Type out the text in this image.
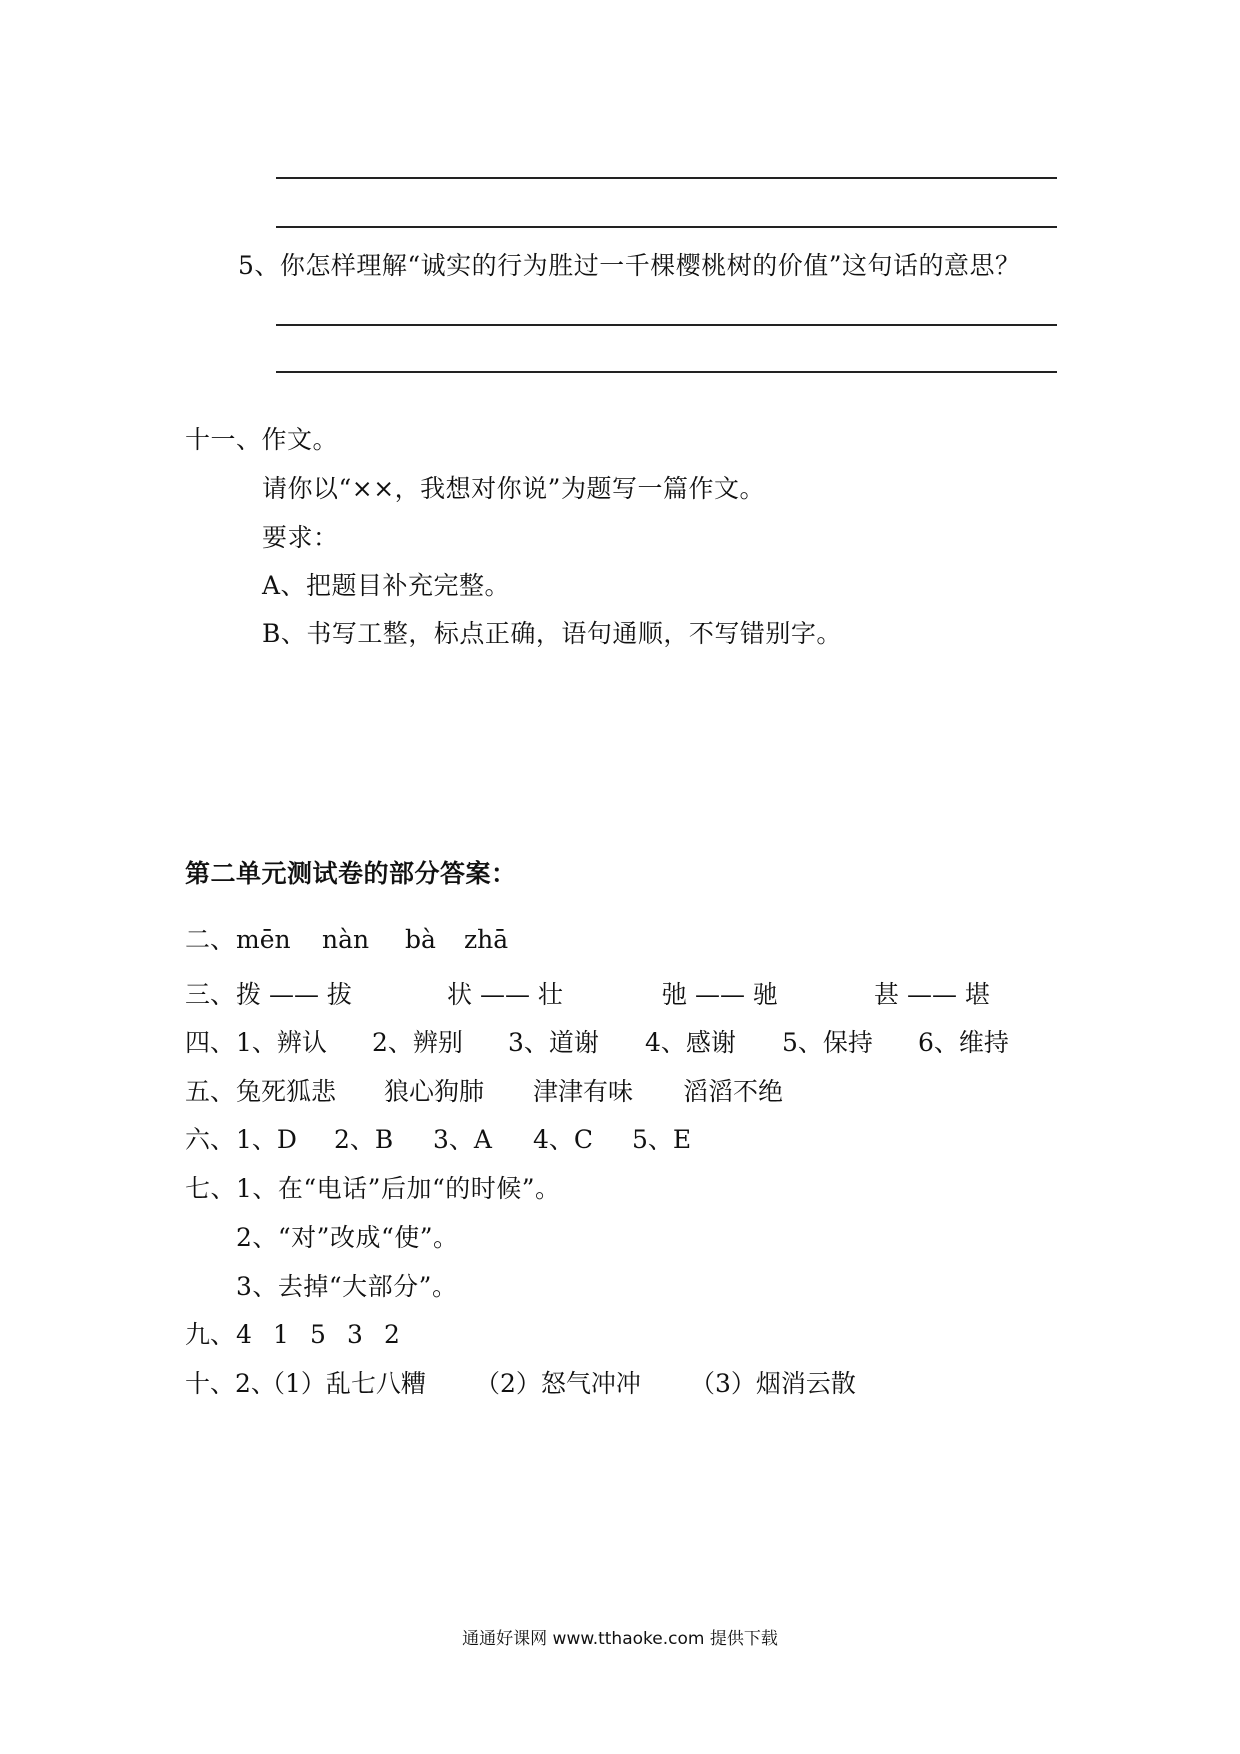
5、你怎样理解“诚实的行为胜过一千棵樱桃树的价值”这句话的意思？
十一、作文。
请你以“××，我想对你说”为题写一篇作文。
要求：
A、把题目补充完整。
B、书写工整，标点正确，语句通顺，不写错别字。
第二单元测试卷的部分答案：
二、 mēn nàn bà zhā
三、 拨 —— 拔	状 —— 壮	弛 —— 驰	甚 —— 堪
四、 1、辨认 2、辨别 3、道谢 4、感谢 5、保持 6、维持
五、 兔死狐悲 狼心狗肺 津津有味 滔滔不绝
六、 1、D 2、B 3、A 4、C 5、E
七、1、在“电话”后加“的时候”。
2、“对”改成“使”。
3、去掉“大部分”。
九、 4 1 5 3 2
十、2、
（1）乱七八糟 （2）怒气冲冲 （3）烟消云散
通通好课网 www.tthaoke.com 提供下载
